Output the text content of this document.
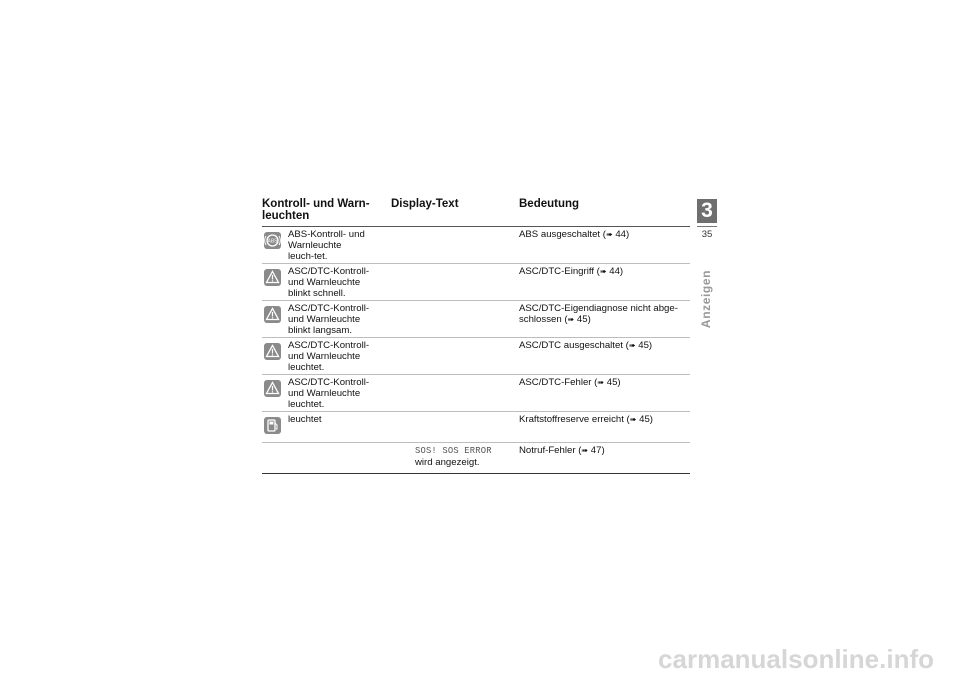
Kontroll- und Warn-
leuchten
Display-Text	Bedeutung
ABS
ABS-Kontroll- und Warnleuchte leuch-tet.
ABS ausgeschaltet (➠ 44)
ASC/DTC-Kontroll- und Warnleuchte blinkt schnell.
ASC/DTC-Eingriff (➠ 44)
ASC/DTC-Kontroll- und Warnleuchte blinkt langsam.
ASC/DTC-Eigendiagnose nicht abge-schlossen (➠ 45)
ASC/DTC-Kontroll- und Warnleuchte leuchtet.
ASC/DTC ausgeschaltet (➠ 45)
ASC/DTC-Kontroll- und Warnleuchte leuchtet.
ASC/DTC-Fehler (➠ 45)
leuchtet	Kraftstoffreserve erreicht (➠ 45)
SOS! SOS ERROR
wird angezeigt.
Notruf-Fehler (➠ 47)
3
35
Anzeigen
carmanualsonline.info
